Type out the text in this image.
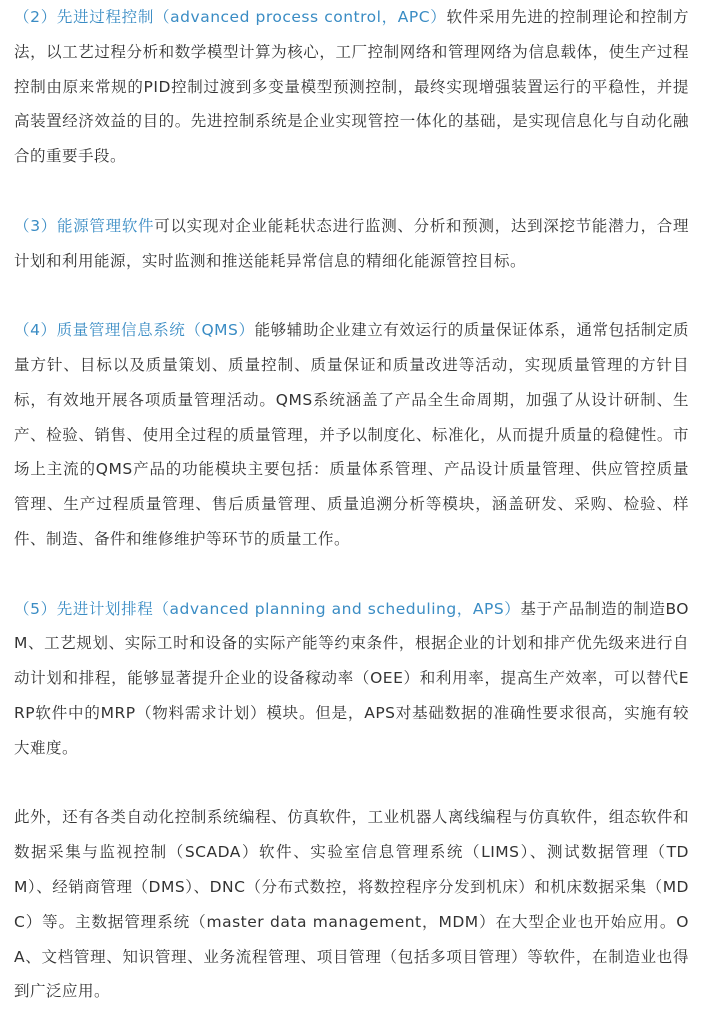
（2）先进过程控制（advanced process control，APC）软件采用先进的控制理论和控制方法，以工艺过程分析和数学模型计算为核心，工厂控制网络和管理网络为信息载体，使生产过程控制由原来常规的PID控制过渡到多变量模型预测控制，最终实现增强装置运行的平稳性，并提高装置经济效益的目的。先进控制系统是企业实现管控一体化的基础，是实现信息化与自动化融合的重要手段。

（3）能源管理软件可以实现对企业能耗状态进行监测、分析和预测，达到深挖节能潜力，合理计划和利用能源，实时监测和推送能耗异常信息的精细化能源管控目标。

（4）质量管理信息系统（QMS）能够辅助企业建立有效运行的质量保证体系，通常包括制定质量方针、目标以及质量策划、质量控制、质量保证和质量改进等活动，实现质量管理的方针目标，有效地开展各项质量管理活动。QMS系统涵盖了产品全生命周期，加强了从设计研制、生产、检验、销售、使用全过程的质量管理，并予以制度化、标准化，从而提升质量的稳健性。市场上主流的QMS产品的功能模块主要包括：质量体系管理、产品设计质量管理、供应管控质量管理、生产过程质量管理、售后质量管理、质量追溯分析等模块，涵盖研发、采购、检验、样件、制造、备件和维修维护等环节的质量工作。

（5）先进计划排程（advanced planning and scheduling，APS）基于产品制造的制造BOM、工艺规划、实际工时和设备的实际产能等约束条件，根据企业的计划和排产优先级来进行自动计划和排程，能够显著提升企业的设备稼动率（OEE）和利用率，提高生产效率，可以替代ERP软件中的MRP（物料需求计划）模块。但是，APS对基础数据的准确性要求很高，实施有较大难度。

此外，还有各类自动化控制系统编程、仿真软件，工业机器人离线编程与仿真软件，组态软件和数据采集与监视控制（SCADA）软件、实验室信息管理系统（LIMS）、测试数据管理（TDM）、经销商管理（DMS）、DNC（分布式数控，将数控程序分发到机床）和机床数据采集（MDC）等。主数据管理系统（master data management，MDM）在大型企业也开始应用。OA、文档管理、知识管理、业务流程管理、项目管理（包括多项目管理）等软件，在制造业也得到广泛应用。
